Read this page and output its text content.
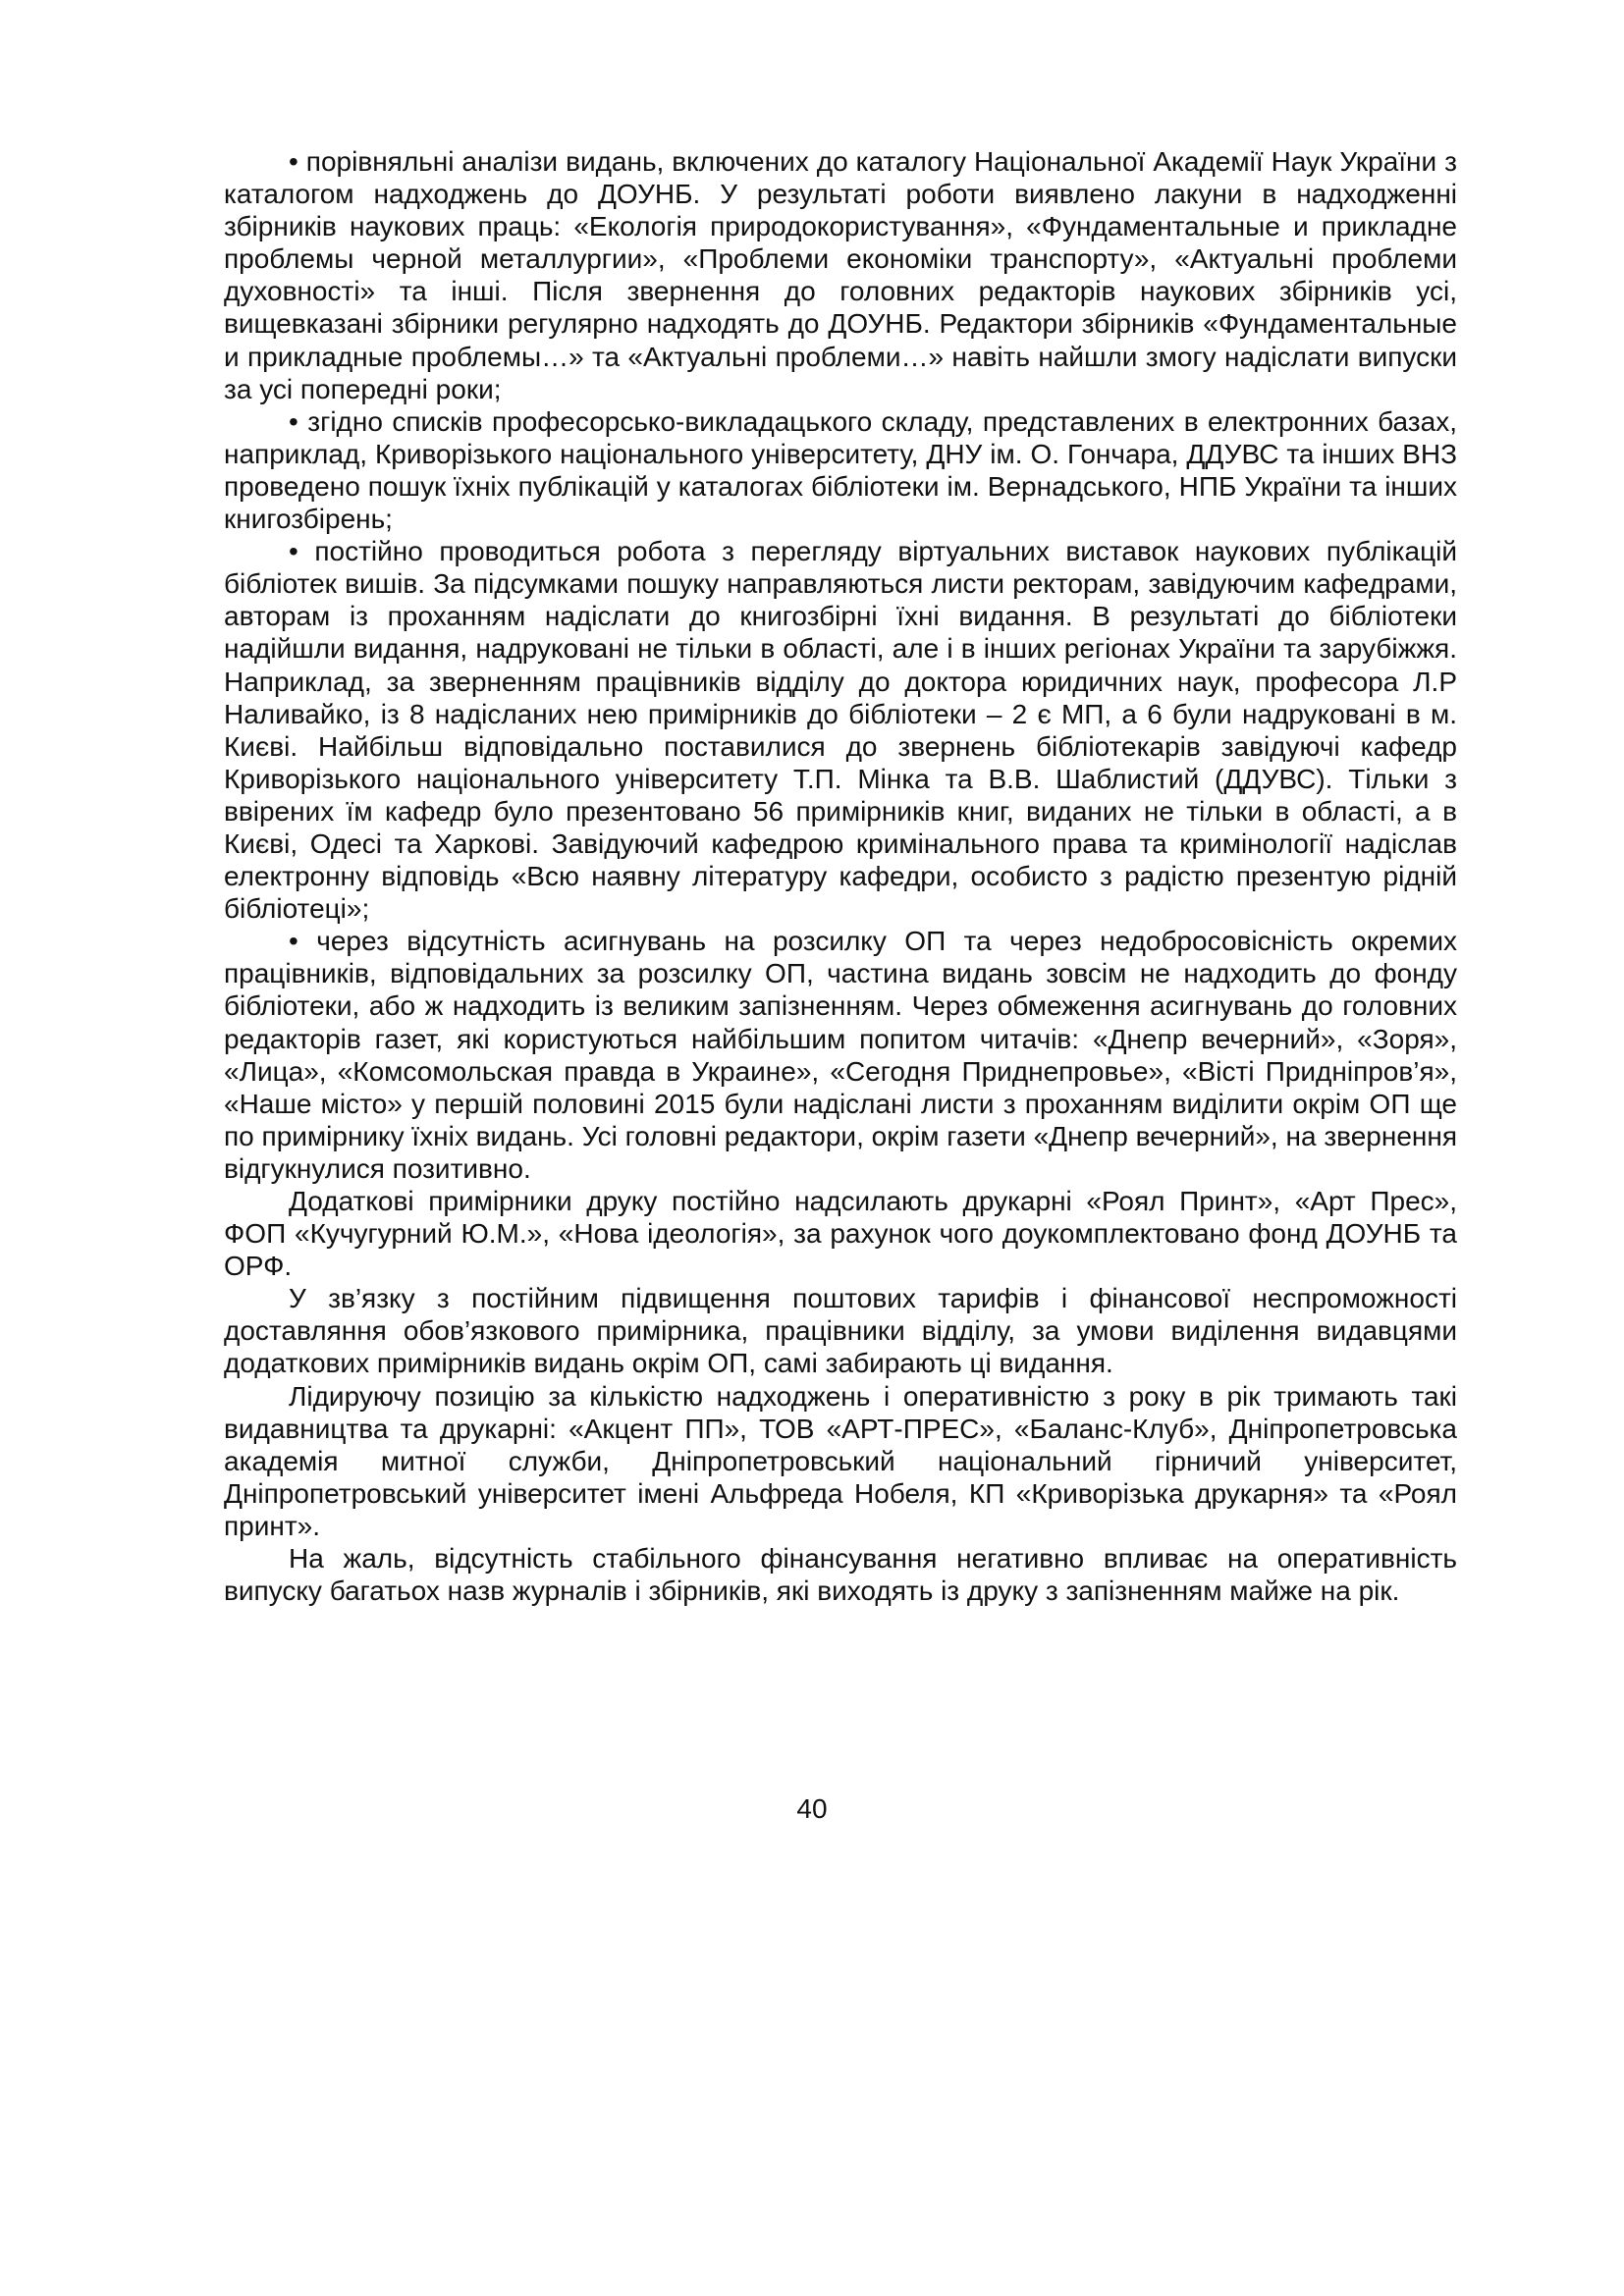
• порівняльні аналізи видань, включених до каталогу Національної Академії Наук України з каталогом надходжень до ДОУНБ. У результаті роботи виявлено лакуни в надходженні збірників наукових праць: «Екологія природокористування», «Фундаментальные и прикладне проблемы черной металлургии», «Проблеми економіки транспорту», «Актуальні проблеми духовності» та інші. Після звернення до головних редакторів наукових збірників усі, вищевказані збірники регулярно надходять до ДОУНБ. Редактори збірників «Фундаментальные и прикладные проблемы…» та «Актуальні проблеми…» навіть найшли змогу надіслати випуски за усі попередні роки;

• згідно списків професорсько-викладацького складу, представлених в електронних базах, наприклад, Криворізького національного університету, ДНУ ім. О. Гончара, ДДУВС та інших ВНЗ проведено пошук їхніх публікацій у каталогах бібліотеки ім. Вернадського, НПБ України та інших книгозбірень;

• постійно проводиться робота з перегляду віртуальних виставок наукових публікацій бібліотек вишів. За підсумками пошуку направляються листи ректорам, завідуючим кафедрами, авторам із проханням надіслати до книгозбірні їхні видання. В результаті до бібліотеки надійшли видання, надруковані не тільки в області, але і в інших регіонах України та зарубіжжя. Наприклад, за зверненням працівників відділу до доктора юридичних наук, професора Л.Р Наливайко, із 8 надісланих нею примірників до бібліотеки – 2 є МП, а 6 були надруковані в м. Києві. Найбільш відповідально поставилися до звернень бібліотекарів завідуючі кафедр Криворізького національного університету Т.П. Мінка та В.В. Шаблистий (ДДУВС). Тільки з ввірених їм кафедр було презентовано 56 примірників книг, виданих не тільки в області, а в Києві, Одесі та Харкові. Завідуючий кафедрою кримінального права та кримінології надіслав електронну відповідь «Всю наявну літературу кафедри, особисто з радістю презентую рідній бібліотеці»;

• через відсутність асигнувань на розсилку ОП та через недобросовісність окремих працівників, відповідальних за розсилку ОП, частина видань зовсім не надходить до фонду бібліотеки, або ж надходить із великим запізненням. Через обмеження асигнувань до головних редакторів газет, які користуються найбільшим попитом читачів: «Днепр вечерний», «Зоря», «Лица», «Комсомольская правда в Украине», «Сегодня Приднепровье», «Вісті Придніпров’я», «Наше місто» у першій половині 2015 були надіслані листи з проханням виділити окрім ОП ще по примірнику їхніх видань. Усі головні редактори, окрім газети «Днепр вечерний», на звернення відгукнулися позитивно.

Додаткові примірники друку постійно надсилають друкарні «Роял Принт», «Арт Прес», ФОП «Кучугурний Ю.М.», «Нова ідеологія», за рахунок чого доукомплектовано фонд ДОУНБ та ОРФ.

У зв’язку з постійним підвищення поштових тарифів і фінансової неспроможності доставляння обов’язкового примірника, працівники відділу, за умови виділення видавцями додаткових примірників видань окрім ОП, самі забирають ці видання.

Лідируючу позицію за кількістю надходжень і оперативністю з року в рік тримають такі видавництва та друкарні: «Акцент ПП», ТОВ «АРТ-ПРЕС», «Баланс-Клуб», Дніпропетровська академія митної служби, Дніпропетровський національний гірничий університет, Дніпропетровський університет імені Альфреда Нобеля, КП «Криворізька друкарня» та «Роял принт».

На жаль, відсутність стабільного фінансування негативно впливає на оперативність випуску багатьох назв журналів і збірників, які виходять із друку з запізненням майже на рік.

40
